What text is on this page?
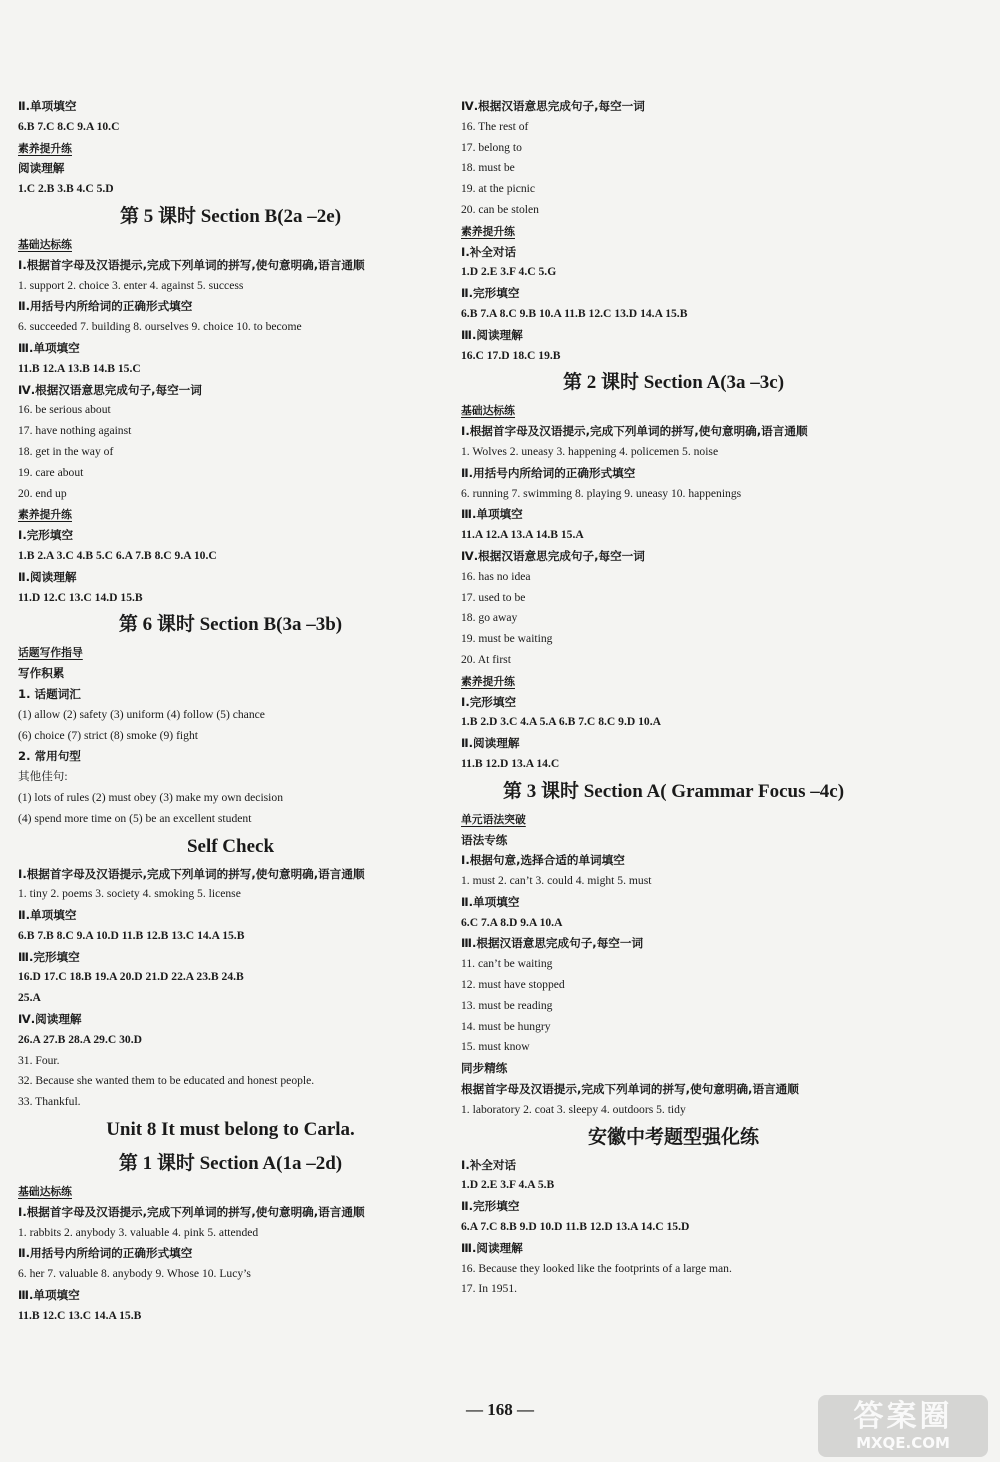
Ⅱ.单项填空
6.B 7.C 8.C 9.A 10.C
素养提升练
阅读理解
1.C 2.B 3.B 4.C 5.D
第 5 课时 Section B(2a –2e)
基础达标练
Ⅰ.根据首字母及汉语提示,完成下列单词的拼写,使句意明确,语言通顺
1. support 2. choice 3. enter 4. against 5. success
Ⅱ.用括号内所给词的正确形式填空
6. succeeded 7. building 8. ourselves 9. choice 10. to become
Ⅲ.单项填空
11.B 12.A 13.B 14.B 15.C
Ⅳ.根据汉语意思完成句子,每空一词
16. be serious about
17. have nothing against
18. get in the way of
19. care about
20. end up
素养提升练
Ⅰ.完形填空
1.B 2.A 3.C 4.B 5.C 6.A 7.B 8.C 9.A 10.C
Ⅱ.阅读理解
11.D 12.C 13.C 14.D 15.B
第 6 课时 Section B(3a –3b)
话题写作指导
写作积累
1. 话题词汇
(1) allow (2) safety (3) uniform (4) follow (5) chance
(6) choice (7) strict (8) smoke (9) fight
2. 常用句型
其他佳句:
(1) lots of rules (2) must obey (3) make my own decision
(4) spend more time on (5) be an excellent student
Self Check
Ⅰ.根据首字母及汉语提示,完成下列单词的拼写,使句意明确,语言通顺
1. tiny 2. poems 3. society 4. smoking 5. license
Ⅱ.单项填空
6.B 7.B 8.C 9.A 10.D 11.B 12.B 13.C 14.A 15.B
Ⅲ.完形填空
16.D 17.C 18.B 19.A 20.D 21.D 22.A 23.B 24.B
25.A
Ⅳ.阅读理解
26.A 27.B 28.A 29.C 30.D
31. Four.
32. Because she wanted them to be educated and honest people.
33. Thankful.
Unit 8 It must belong to Carla.
第 1 课时 Section A(1a –2d)
基础达标练
Ⅰ.根据首字母及汉语提示,完成下列单词的拼写,使句意明确,语言通顺
1. rabbits 2. anybody 3. valuable 4. pink 5. attended
Ⅱ.用括号内所给词的正确形式填空
6. her 7. valuable 8. anybody 9. Whose 10. Lucy’s
Ⅲ.单项填空
11.B 12.C 13.C 14.A 15.B
Ⅳ.根据汉语意思完成句子,每空一词
16. The rest of
17. belong to
18. must be
19. at the picnic
20. can be stolen
素养提升练
Ⅰ.补全对话
1.D 2.E 3.F 4.C 5.G
Ⅱ.完形填空
6.B 7.A 8.C 9.B 10.A 11.B 12.C 13.D 14.A 15.B
Ⅲ.阅读理解
16.C 17.D 18.C 19.B
第 2 课时 Section A(3a –3c)
基础达标练
Ⅰ.根据首字母及汉语提示,完成下列单词的拼写,使句意明确,语言通顺
1. Wolves 2. uneasy 3. happening 4. policemen 5. noise
Ⅱ.用括号内所给词的正确形式填空
6. running 7. swimming 8. playing 9. uneasy 10. happenings
Ⅲ.单项填空
11.A 12.A 13.A 14.B 15.A
Ⅳ.根据汉语意思完成句子,每空一词
16. has no idea
17. used to be
18. go away
19. must be waiting
20. At first
素养提升练
Ⅰ.完形填空
1.B 2.D 3.C 4.A 5.A 6.B 7.C 8.C 9.D 10.A
Ⅱ.阅读理解
11.B 12.D 13.A 14.C
第 3 课时 Section A( Grammar Focus –4c)
单元语法突破
语法专练
Ⅰ.根据句意,选择合适的单词填空
1. must 2. can’t 3. could 4. might 5. must
Ⅱ.单项填空
6.C 7.A 8.D 9.A 10.A
Ⅲ.根据汉语意思完成句子,每空一词
11. can’t be waiting
12. must have stopped
13. must be reading
14. must be hungry
15. must know
同步精练
根据首字母及汉语提示,完成下列单词的拼写,使句意明确,语言通顺
1. laboratory 2. coat 3. sleepy 4. outdoors 5. tidy
安徽中考题型强化练
Ⅰ.补全对话
1.D 2.E 3.F 4.A 5.B
Ⅱ.完形填空
6.A 7.C 8.B 9.D 10.D 11.B 12.D 13.A 14.C 15.D
Ⅲ.阅读理解
16. Because they looked like the footprints of a large man.
17. In 1951.
— 168 —	答案圈
MXQE.COM
